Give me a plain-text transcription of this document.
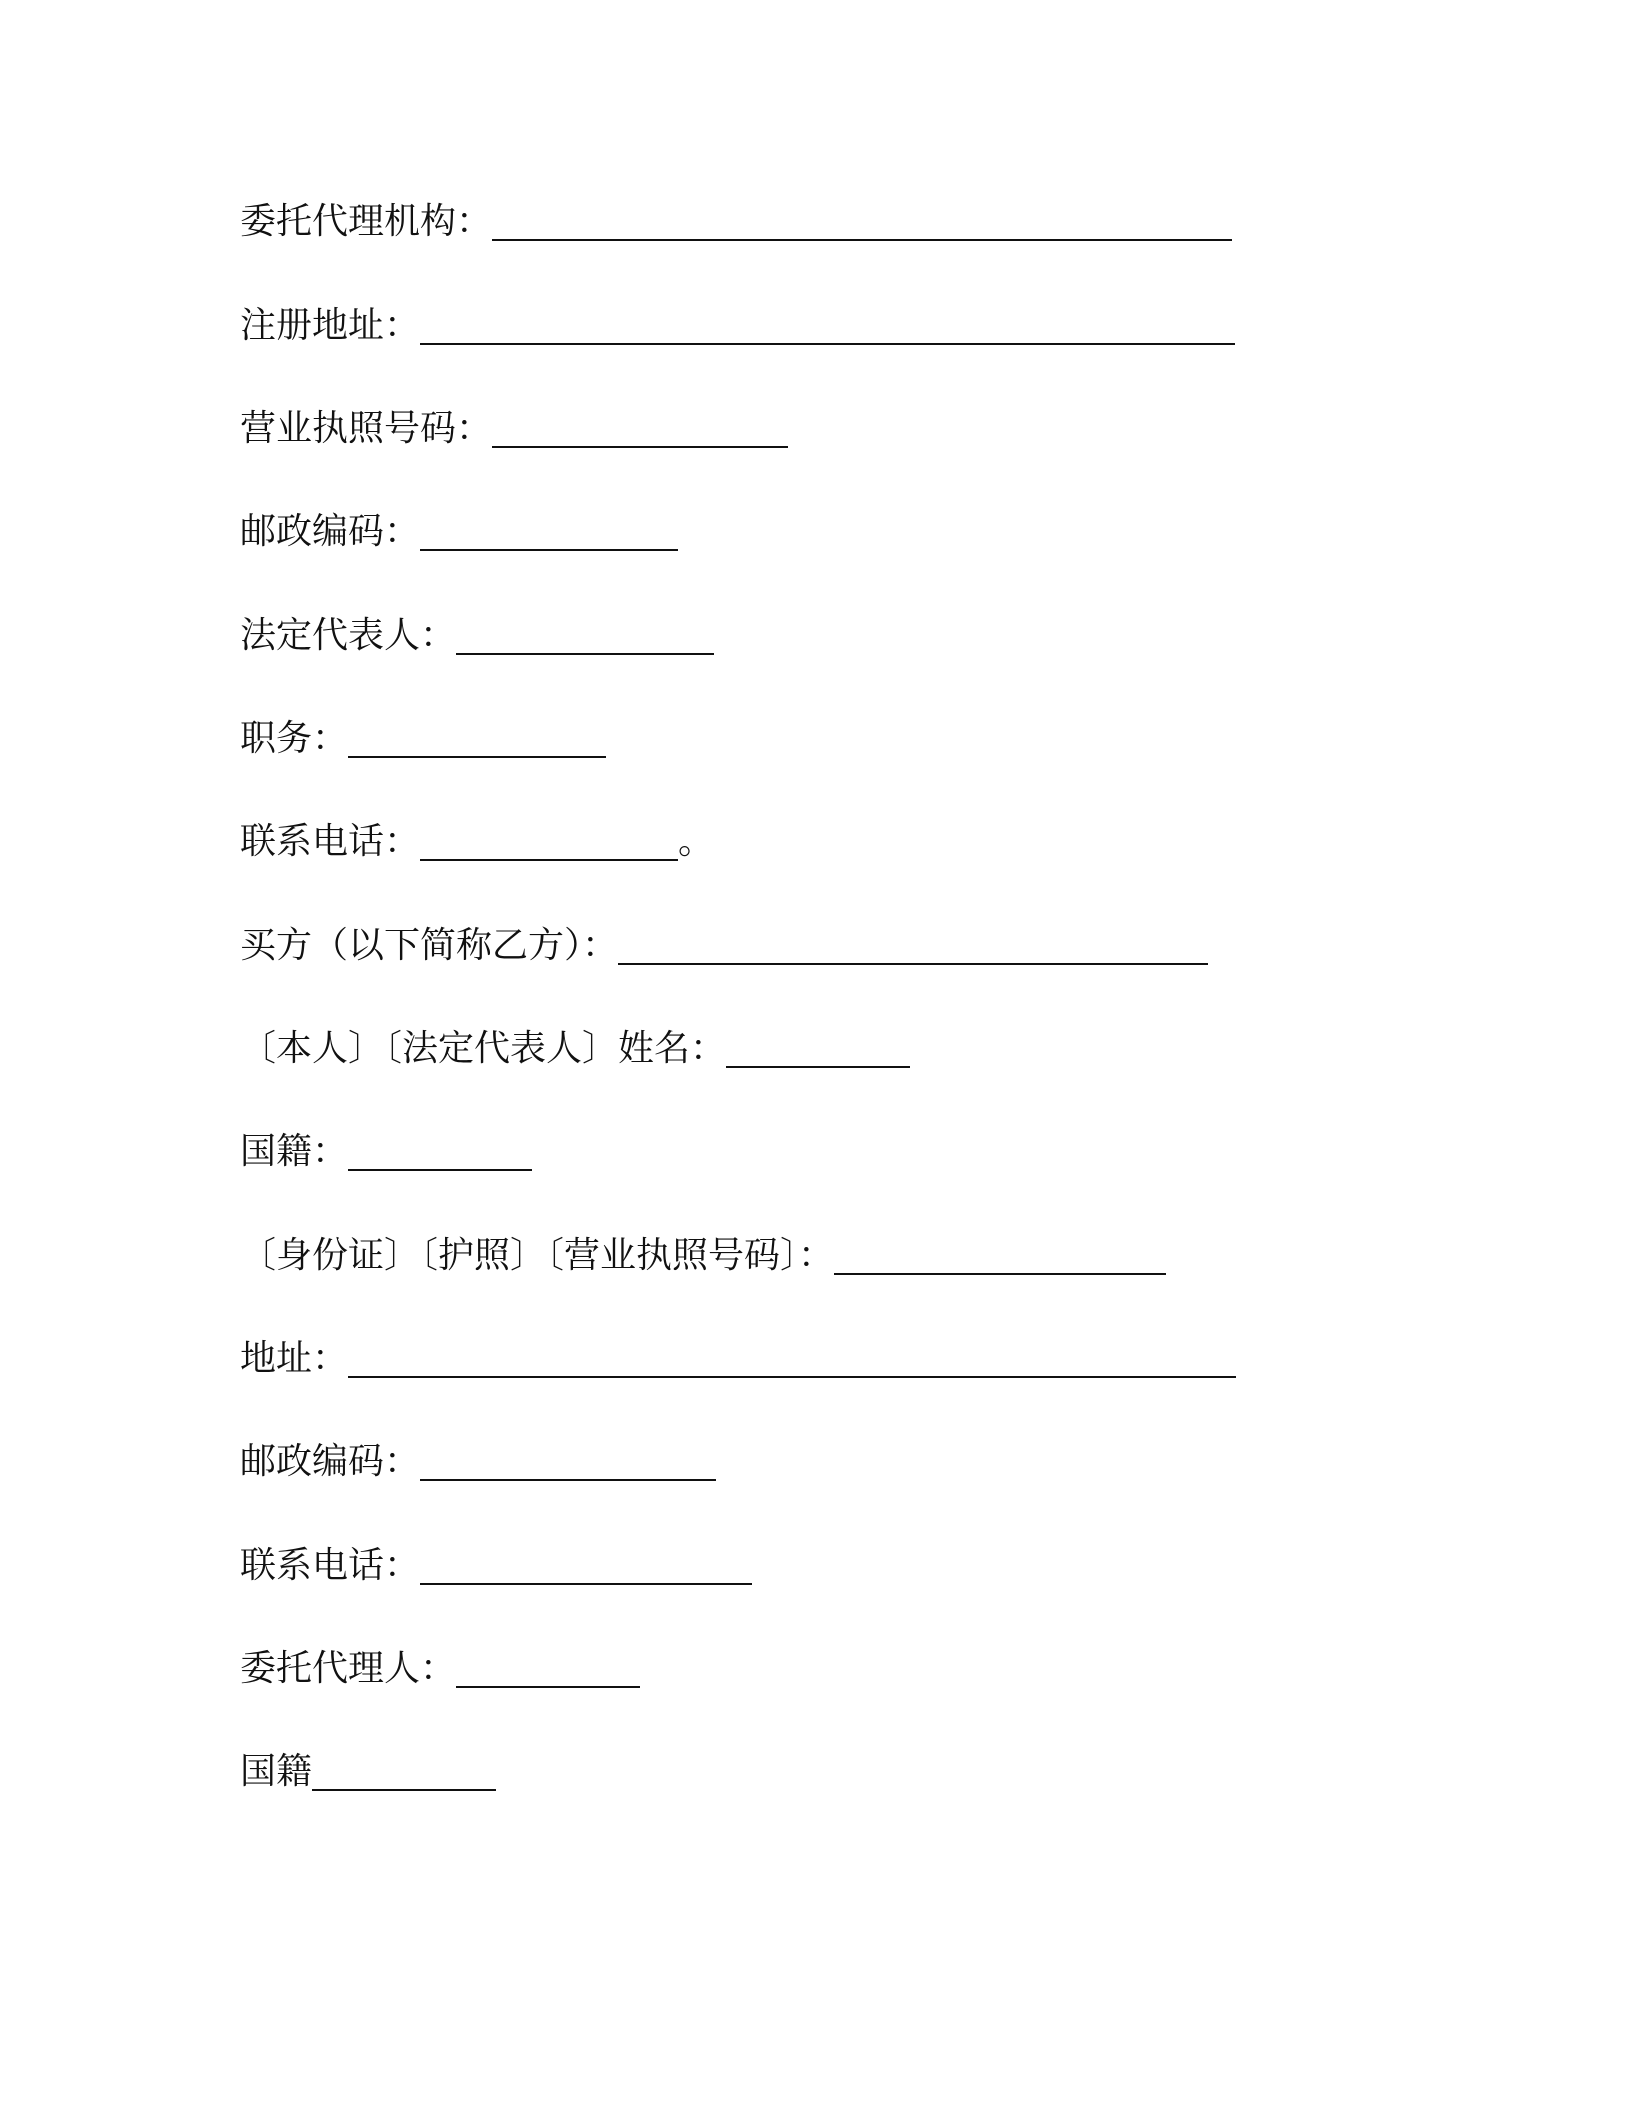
委托代理机构：
注册地址：
营业执照号码：
邮政编码：
法定代表人：
职务：
联系电话：	。
买方（以下简称乙方）：
〔本人〕〔法定代表人〕姓名：
国籍：
〔身份证〕〔护照〕〔营业执照号码〕：
地址：
邮政编码：
联系电话：
委托代理人：
国籍
